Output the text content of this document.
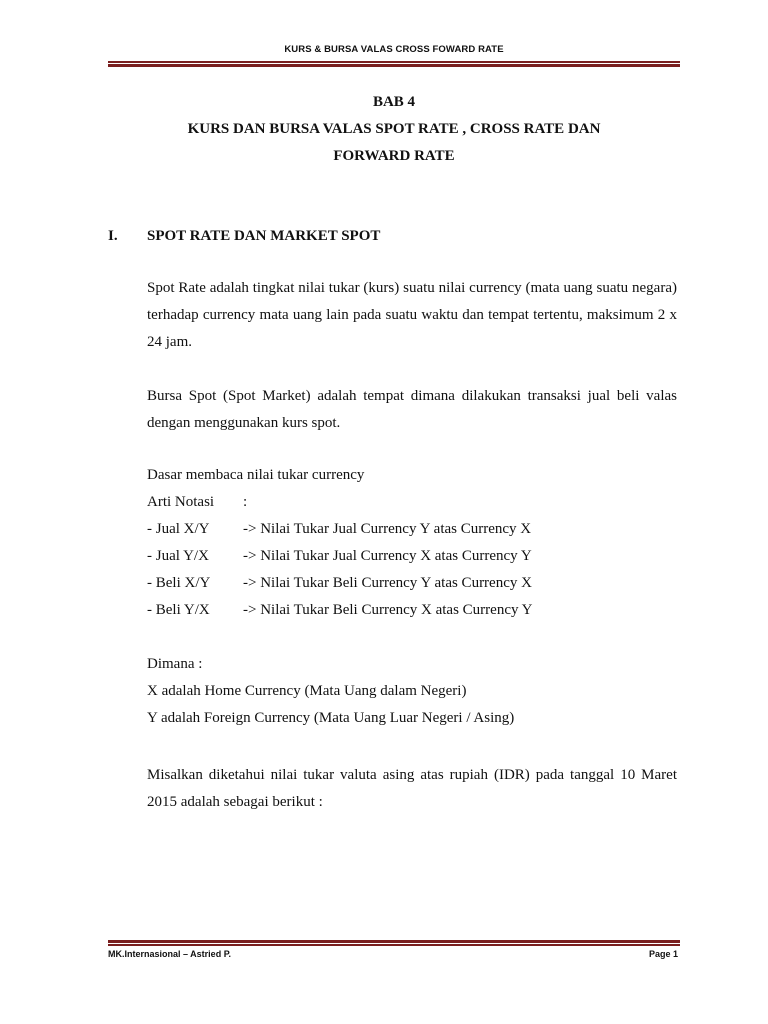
KURS & BURSA VALAS CROSS FOWARD RATE
BAB 4
KURS DAN BURSA VALAS SPOT RATE , CROSS RATE DAN
FORWARD RATE
I. SPOT RATE DAN MARKET SPOT
Spot Rate adalah tingkat nilai tukar (kurs) suatu nilai currency (mata uang suatu negara) terhadap currency mata uang lain pada suatu waktu dan tempat tertentu, maksimum 2 x 24 jam.
Bursa Spot (Spot Market) adalah tempat dimana dilakukan transaksi jual beli valas dengan menggunakan kurs spot.
Dasar membaca nilai tukar currency
Arti Notasi :
- Jual X/Y -> Nilai Tukar Jual Currency Y atas Currency X
- Jual Y/X -> Nilai Tukar Jual Currency X atas Currency Y
- Beli X/Y -> Nilai Tukar Beli Currency Y atas Currency X
- Beli Y/X -> Nilai Tukar Beli Currency X atas Currency Y
Dimana :
X adalah Home Currency (Mata Uang dalam Negeri)
Y adalah Foreign Currency (Mata Uang Luar Negeri / Asing)
Misalkan diketahui nilai tukar valuta asing atas rupiah (IDR) pada tanggal 10 Maret 2015 adalah sebagai berikut :
MK.Internasional – Astried P.	Page 1
